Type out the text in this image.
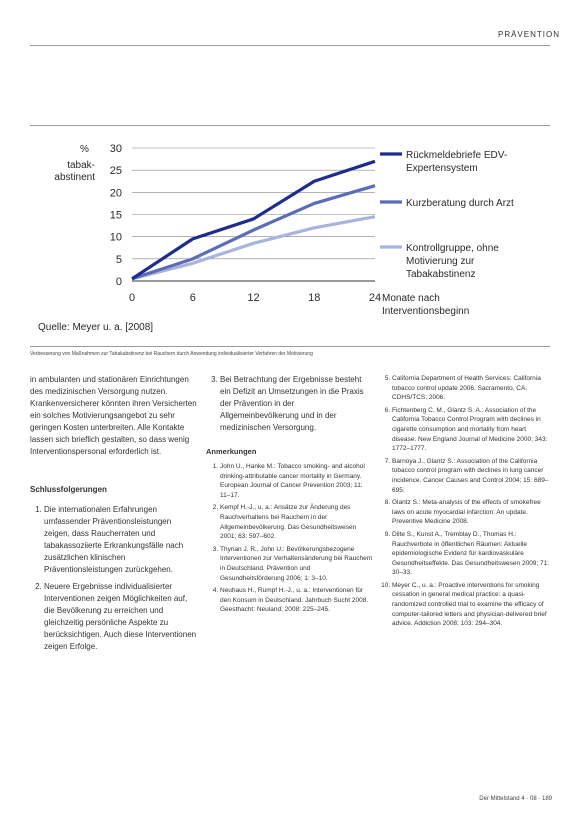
PRÄVENTION
0
5
10
15
20
25
30
0	6	12	18	24
%
tabak-abstinent
Monate nach Interventionsbeginn
Rückmeldebriefe EDV-Expertensystem
Kurzberatung durch Arzt
Kontrollgruppe, ohne Motivierung zur Tabakabstinenz
Quelle: Meyer u. a. [2008]
Verbesserung von Maßnahmen zur Tabakabstinenz bei Rauchern durch Anwendung individualisierter Verfahren der Motivierung

in ambulanten und stationären Einrichtungen des medizinischen Versorgung nutzen. Krankenversicherer könnten ihren Versicherten ein solches Motivierungsangebot zu sehr geringen Kosten unterbreiten. Alle Kontakte lassen sich brieflich gestalten, so dass wenig Interventionspersonal erforderlich ist.

Schlussfolgerungen

1. Die internationalen Erfahrungen umfassender Präventionsleistungen zeigen, dass Raucherraten und tabakassoziierte Erkrankungsfälle nach zusätzlichen klinischen Präventionsleistungen zurückgehen.
2. Neuere Ergebnisse individualisierter Interventionen zeigen Möglichkeiten auf, die Bevölkerung zu erreichen und gleichzeitig persönliche Aspekte zu berücksichtigen. Auch diese Interventionen zeigen Erfolge.
3. Bei Betrachtung der Ergebnisse besteht ein Defizit an Umsetzungen in die Praxis der Prävention in der Allgemeinbevölkerung und in der medizinischen Versorgung.

Anmerkungen

1. John U., Hanke M.: Tobacco smoking- and alcohol drinking-attributable cancer mortality in Germany. European Journal of Cancer Prevention 2003; 11: 11–17.
2. Kempf H.-J., u. a.: Ansätze zur Änderung des Rauchverhaltens bei Rauchern in der Allgemeinbevölkerung. Das Gesundheitswesen 2001; 63: 597–602.
3. Thyrian J. R., John U.: Bevölkerungsbezogene Interventionen zur Verhaltensänderung bei Rauchern in Deutschland. Prävention und Gesundheitsförderung 2006; 1: 3–10.
4. Neuhaus H., Rumpf H.-J., u. a.: Interventionen für den Konsum in Deutschland. Jahrbuch Sucht 2008. Geesthacht: Neuland; 2008: 225–245.
5. California Department of Health Services: California tobacco control update 2006. Sacramento, CA: CDHS/TCS; 2006.
6. Fichtenberg C. M., Glantz S. A.: Association of the California Tobacco Control Program with declines in cigarette consumption and mortality from heart disease. New England Journal of Medicine 2000; 343: 1772–1777.
7. Barnoya J., Glantz S.: Association of the California tobacco control program with declines in lung cancer incidence. Cancer Causes and Control 2004; 15: 689–695.
8. Glantz S.: Meta-analysis of the effects of smokefree laws on acute myocardial infarction: An update. Preventive Medicine 2008.
9. Dilte S., Kunst A., Tremblay D., Thomas H.: Rauchverbote in öffentlichen Räumen: Aktuelle epidemiologische Evidenz für kardiovaskuläre Gesundheitseffekte. Das Gesundheitswesen 2009; 71: 30–33.
10. Meyer C., u. a.: Proactive interventions for smoking cessation in general medical practice: a quasi-randomized controlled trial to examine the efficacy of computer-tailored letters and physician-delivered brief advice. Addiction 2008; 103: 294–304.
Der Mittelstand 4 · 08 · 189
